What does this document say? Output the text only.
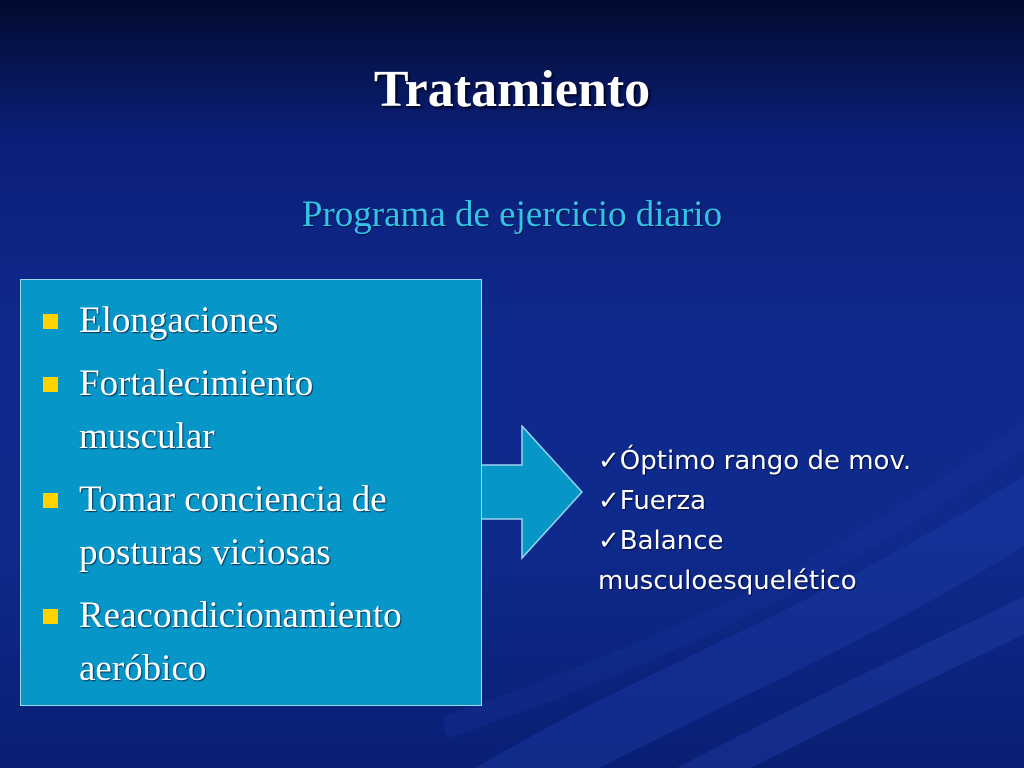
Tratamiento
Programa de ejercicio diario
Elongaciones
Fortalecimiento
muscular
Tomar conciencia de
posturas viciosas
Reacondicionamiento
aeróbico
✓Óptimo rango de mov.
✓Fuerza
✓Balance
musculoesquelético
